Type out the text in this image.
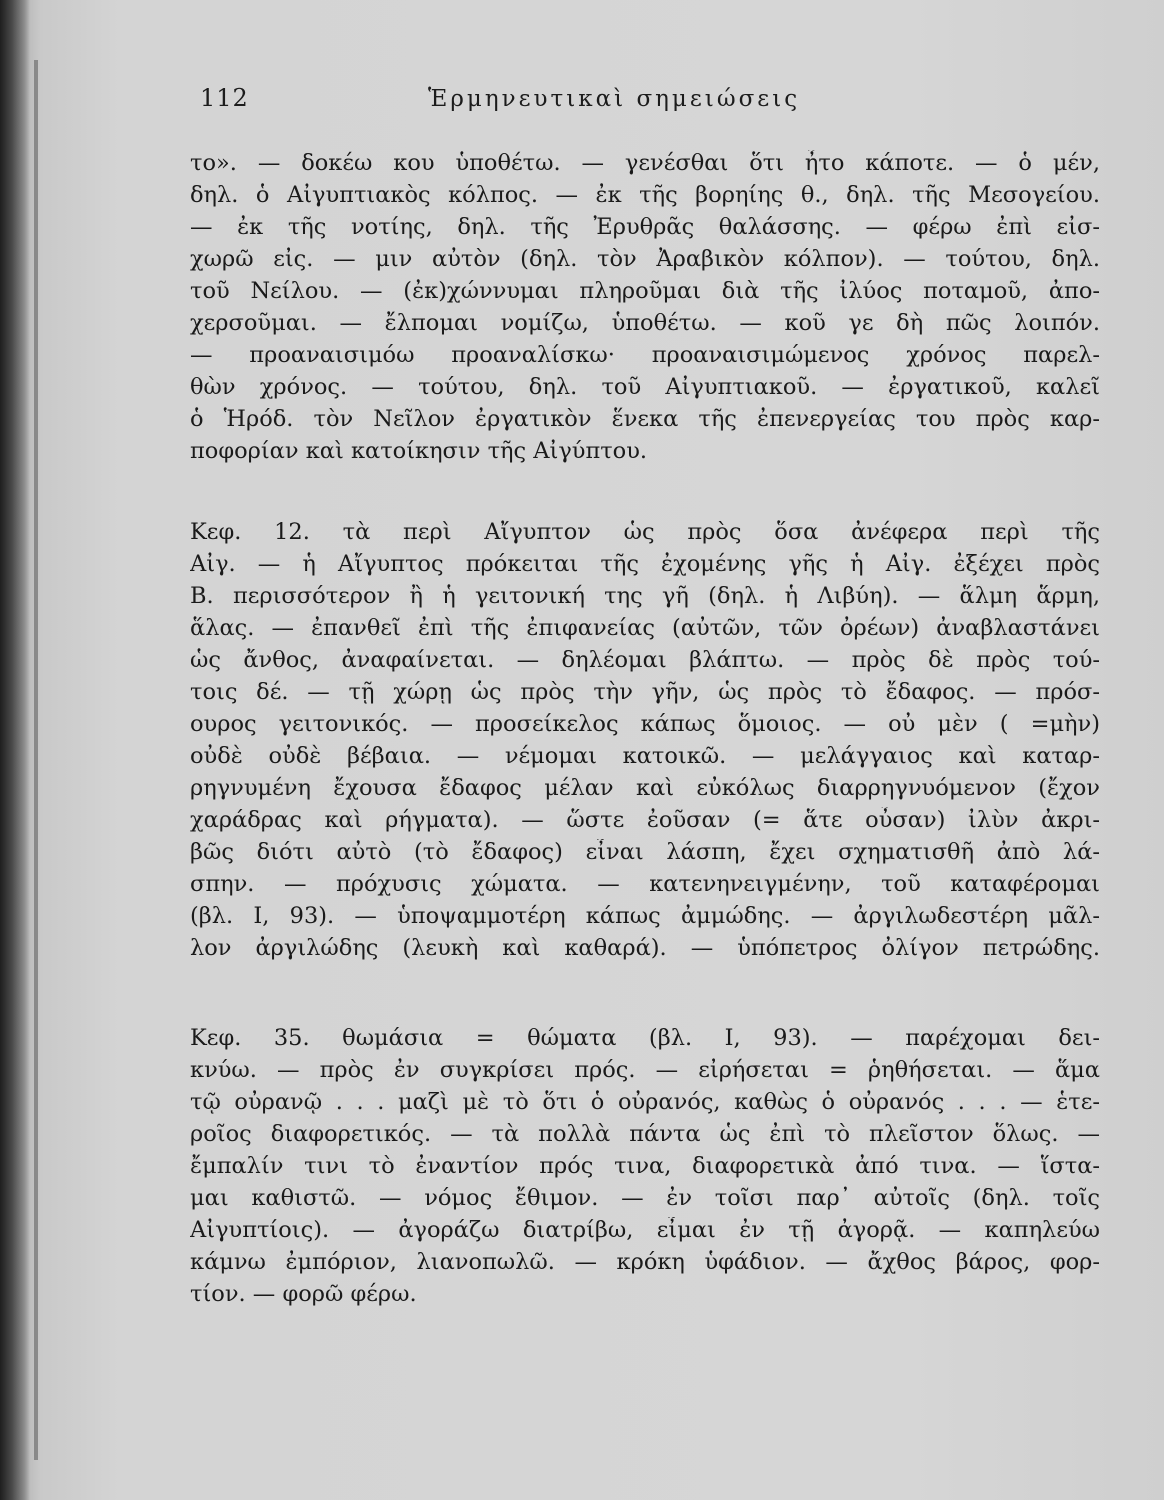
112	Ἑρμηνευτικαὶ σημειώσεις
το». — δοκέω κου ὑποθέτω. — γενέσθαι ὅτι ἦτο κάποτε. — ὁ μέν,
δηλ. ὁ Αἰγυπτιακὸς κόλπος. — ἐκ τῆς βορηίης θ., δηλ. τῆς Μεσογείου.
— ἐκ τῆς νοτίης, δηλ. τῆς Ἐρυθρᾶς θαλάσσης. — φέρω ἐπὶ εἰσ-
χωρῶ εἰς. — μιν αὐτὸν (δηλ. τὸν Ἀραβικὸν κόλπον). — τούτου, δηλ.
τοῦ Νείλου. — (ἐκ)χώννυμαι πληροῦμαι διὰ τῆς ἰλύος ποταμοῦ, ἀπο-
χερσοῦμαι. — ἔλπομαι νομίζω, ὑποθέτω. — κοῦ γε δὴ πῶς λοιπόν.
— προαναισιμόω προαναλίσκω· προαναισιμώμενος χρόνος παρελ-
θὼν χρόνος. — τούτου, δηλ. τοῦ Αἰγυπτιακοῦ. — ἐργατικοῦ, καλεῖ
ὁ Ἡρόδ. τὸν Νεῖλον ἐργατικὸν ἕνεκα τῆς ἐπενεργείας του πρὸς καρ-
ποφορίαν καὶ κατοίκησιν τῆς Αἰγύπτου.
Κεφ. 12. τὰ περὶ Αἴγυπτον ὡς πρὸς ὅσα ἀνέφερα περὶ τῆς
Αἰγ. — ἡ Αἴγυπτος πρόκειται τῆς ἐχομένης γῆς ἡ Αἰγ. ἐξέχει πρὸς
Β. περισσότερον ἢ ἡ γειτονική της γῆ (δηλ. ἡ Λιβύη). — ἅλμη ἅρμη,
ἅλας. — ἐπανθεῖ ἐπὶ τῆς ἐπιφανείας (αὐτῶν, τῶν ὀρέων) ἀναβλαστάνει
ὡς ἄνθος, ἀναφαίνεται. — δηλέομαι βλάπτω. — πρὸς δὲ πρὸς τού-
τοις δέ. — τῇ χώρῃ ὡς πρὸς τὴν γῆν, ὡς πρὸς τὸ ἔδαφος. — πρόσ-
ουρος γειτονικός. — προσείκελος κάπως ὅμοιος. — οὐ μὲν ( =μὴν)
οὐδὲ οὐδὲ βέβαια. — νέμομαι κατοικῶ. — μελάγγαιος καὶ καταρ-
ρηγνυμένη ἔχουσα ἔδαφος μέλαν καὶ εὐκόλως διαρρηγνυόμενον (ἔχον
χαράδρας καὶ ρήγματα). — ὥστε ἐοῦσαν (= ἅτε οὖσαν) ἰλὺν ἀκρι-
βῶς διότι αὐτὸ (τὸ ἔδαφος) εἶναι λάσπη, ἔχει σχηματισθῆ ἀπὸ λά-
σπην. — πρόχυσις χώματα. — κατενηνειγμένην, τοῦ καταφέρομαι
(βλ. Ι, 93). — ὑποψαμμοτέρη κάπως ἀμμώδης. — ἀργιλωδεστέρη μᾶλ-
λον ἀργιλώδης (λευκὴ καὶ καθαρά). — ὑπόπετρος ὀλίγον πετρώδης.
Κεφ. 35. θωμάσια = θώματα (βλ. Ι, 93). — παρέχομαι δει-
κνύω. — πρὸς ἐν συγκρίσει πρός. — εἰρήσεται = ῥηθήσεται. — ἅμα
τῷ οὐρανῷ . . . μαζὶ μὲ τὸ ὅτι ὁ οὐρανός, καθὼς ὁ οὐρανός . . . — ἑτε-
ροῖος διαφορετικός. — τὰ πολλὰ πάντα ὡς ἐπὶ τὸ πλεῖστον ὅλως. —
ἔμπαλίν τινι τὸ ἐναντίον πρός τινα, διαφορετικὰ ἀπό τινα. — ἵστα-
μαι καθιστῶ. — νόμος ἔθιμον. — ἐν τοῖσι παρ᾽ αὐτοῖς (δηλ. τοῖς
Αἰγυπτίοις). — ἀγοράζω διατρίβω, εἶμαι ἐν τῇ ἀγορᾷ. — καπηλεύω
κάμνω ἐμπόριον, λιανοπωλῶ. — κρόκη ὑφάδιον. — ἄχθος βάρος, φορ-
τίον. — φορῶ φέρω.
